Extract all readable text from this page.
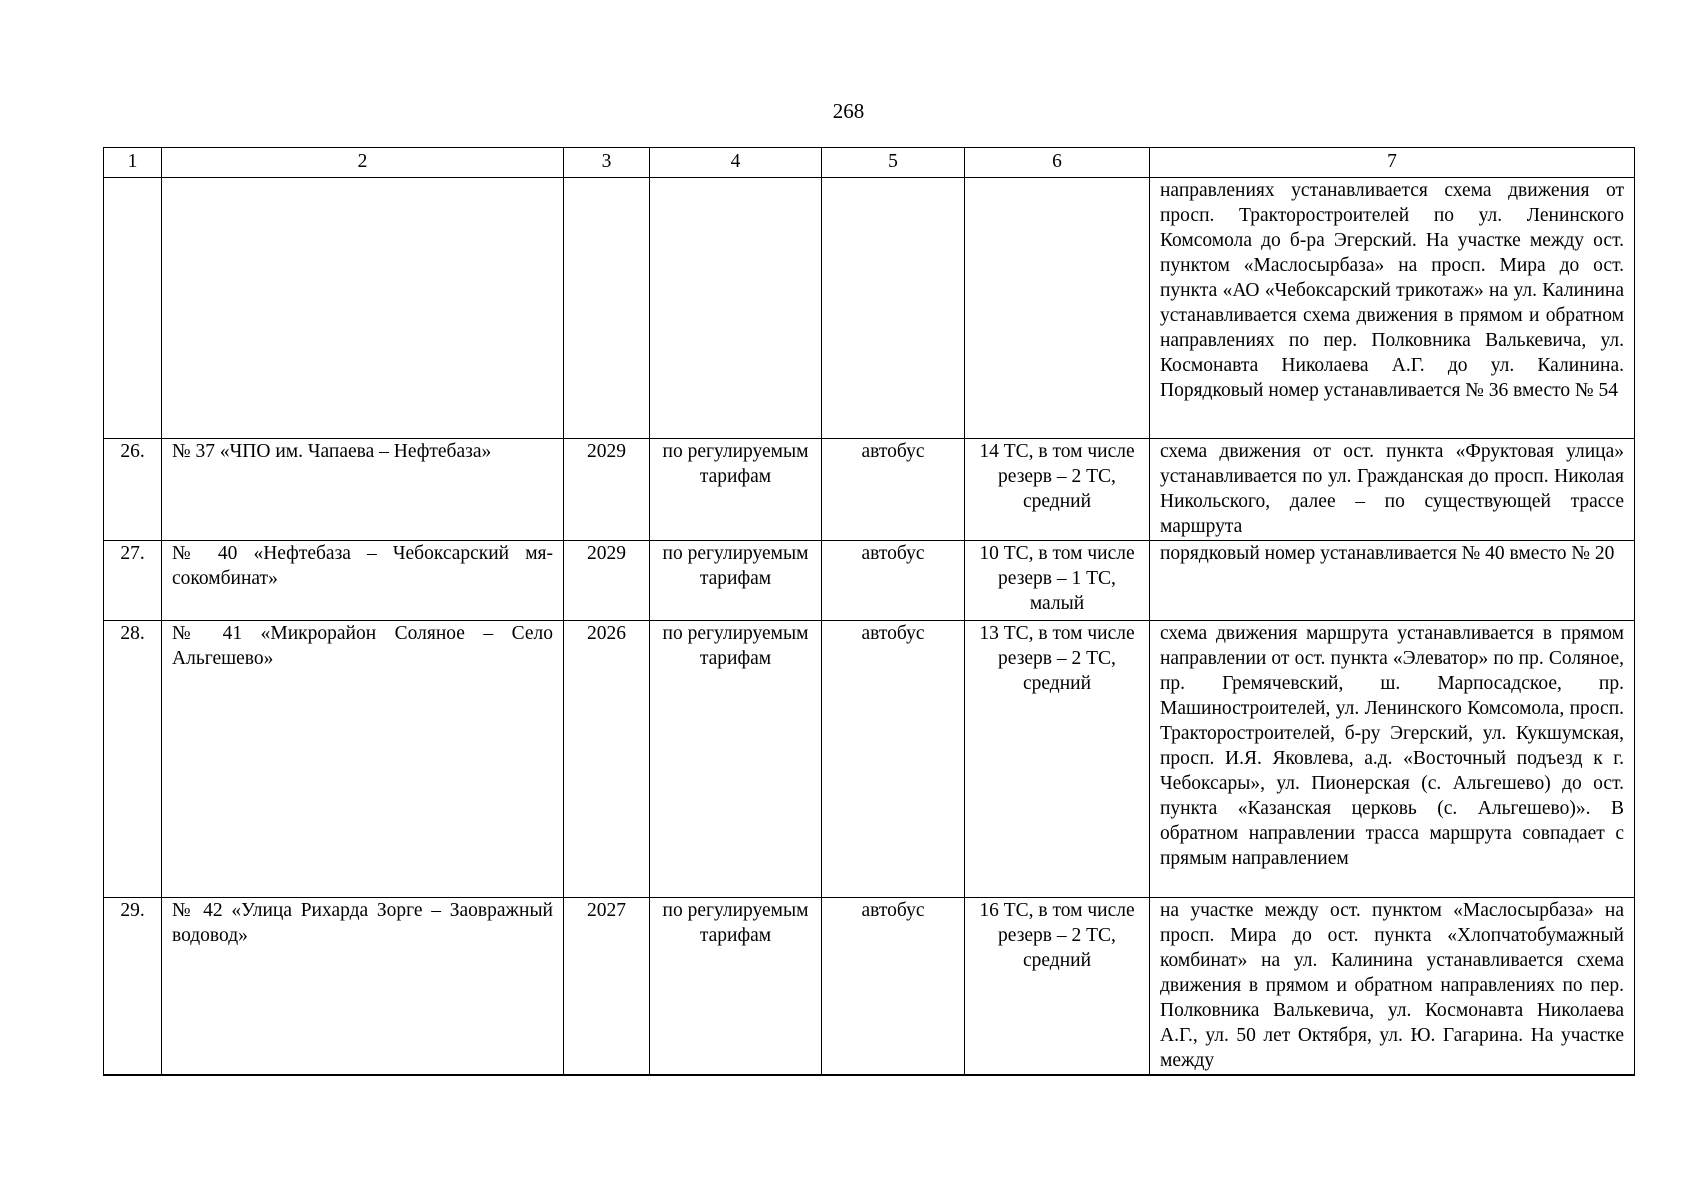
268
1	2	3	4	5	6	7
						направлениях устанавливается схема движения от просп. Тракторостроителей по ул. Ленинского Комсомола до б-ра Эгерский. На участке между ост. пунктом «Маслосырбаза» на просп. Мира до ост. пункта «АО «Чебоксарский трикотаж» на ул. Калинина устанавливается схема движения в прямом и обратном направлениях по пер. Полковника Валькевича, ул. Космонавта Николаева А.Г. до ул. Калинина. Порядковый номер устанавливается № 36 вместо № 54
26.	№ 37 «ЧПО им. Чапаева – Нефтебаза»	2029	по регулируемым тарифам	автобус	14 ТС, в том числе резерв – 2 ТС, средний	схема движения от ост. пункта «Фруктовая улица» устанавливается по ул. Гражданская до просп. Николая Никольского, далее – по существующей трассе маршрута
27.	№ 40 «Нефтебаза – Чебоксарский мясокомбинат»	2029	по регулируемым тарифам	автобус	10 ТС, в том числе резерв – 1 ТС, малый	порядковый номер устанавливается № 40 вместо № 20
28.	№ 41 «Микрорайон Соляное – Село Альгешево»	2026	по регулируемым тарифам	автобус	13 ТС, в том числе резерв – 2 ТС, средний	схема движения маршрута устанавливается в прямом направлении от ост. пункта «Элеватор» по пр. Соляное, пр. Гремячевский, ш. Марпосадское, пр. Машиностроителей, ул. Ленинского Комсомола, просп. Тракторостроителей, б-ру Эгерский, ул. Кукшумская, просп. И.Я. Яковлева, а.д. «Восточный подъезд к г. Чебоксары», ул. Пионерская (с. Альгешево) до ост. пункта «Казанская церковь (с. Альгешево)». В обратном направлении трасса маршрута совпадает с прямым направлением
29.	№ 42 «Улица Рихарда Зорге – Заовражный водовод»	2027	по регулируемым тарифам	автобус	16 ТС, в том числе резерв – 2 ТС, средний	на участке между ост. пунктом «Маслосырбаза» на просп. Мира до ост. пункта «Хлопчатобумажный комбинат» на ул. Калинина устанавливается схема движения в прямом и обратном направлениях по пер. Полковника Валькевича, ул. Космонавта Николаева А.Г., ул. 50 лет Октября, ул. Ю. Гагарина. На участке между
